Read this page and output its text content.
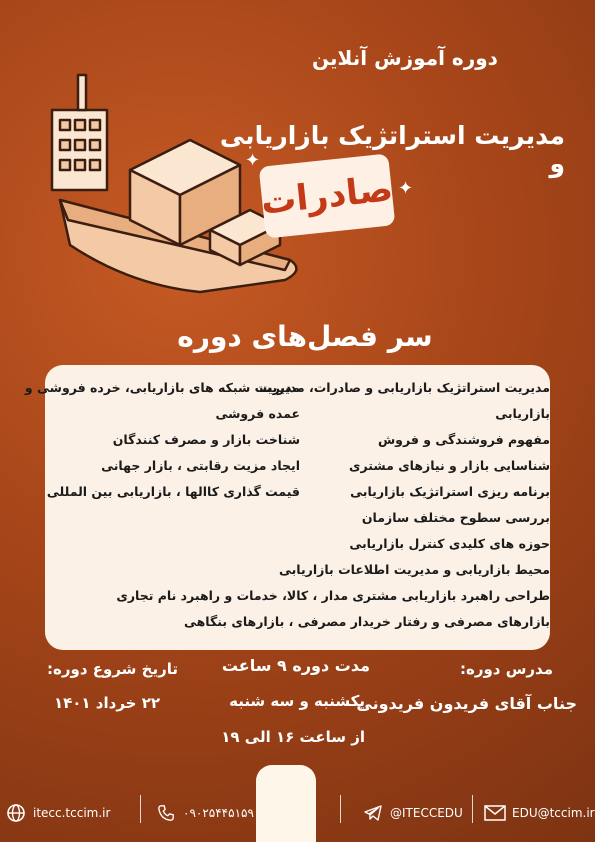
دوره آموزش آنلاین
مدیریت استراتژیک بازاریابی و
صادرات
✦
✦
سر فصل‌های دوره
مدیریت استراتژیک بازاریابی و صادرات، مدیریت
بازاریابی
مفهوم فروشندگی و فروش
شناسایی بازار و نیازهای مشتری
برنامه ریزی استراتژیک بازاریابی
بررسی سطوح مختلف سازمان
حوزه های کلیدی کنترل بازاریابی
محیط بازاریابی و مدیریت اطلاعات بازاریابی
طراحی راهبرد بازاریابی مشتری مدار ، کالا، خدمات و راهبرد نام تجاری
بازارهای مصرفی و رفتار خریدار مصرفی ، بازارهای بنگاهی
مدیریت شبکه های بازاریابی، خرده فروشی و
عمده فروشی
شناخت بازار و مصرف کنندگان
ایجاد مزیت رقابتی ، بازار جهانی
قیمت گذاری کاالها ، بازاریابی بین المللی
مدرس دوره:
جناب آقای فریدون فریدونی
مدت دوره ۹ ساعت
یکشنبه و سه شنبه
از ساعت ۱۶ الی ۱۹
تاریخ شروع دوره:
۲۲ خرداد ۱۴۰۱
itecc.tccim.ir	۰۹۰۲۵۴۴۵۱۵۹	@ITECCEDU	EDU@tccim.ir
